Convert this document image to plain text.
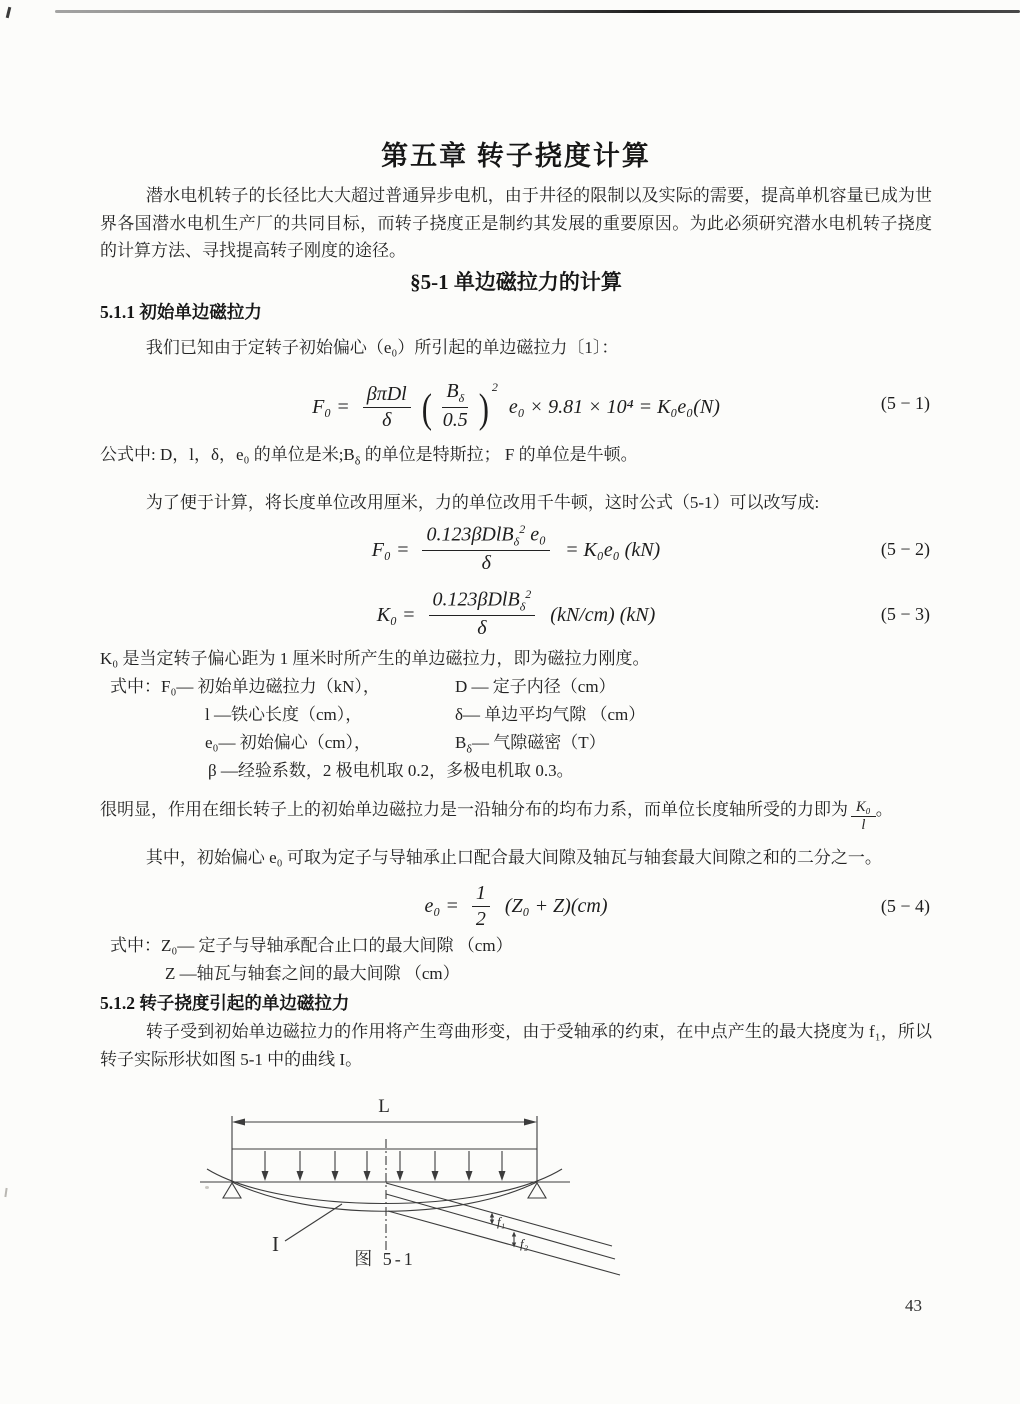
第五章 转子挠度计算

潜水电机转子的长径比大大超过普通异步电机，由于井径的限制以及实际的需要，提高单机容量已成为世界各国潜水电机生产厂的共同目标，而转子挠度正是制约其发展的重要原因。为此必须研究潜水电机转子挠度的计算方法、寻找提高转子刚度的途径。

§5-1 单边磁拉力的计算
5.1.1 初始单边磁拉力

我们已知由于定转子初始偏心（e₀）所引起的单边磁拉力〔1〕：

$F_0 = \frac{\text{βπDl}}{\delta}$ ( $\frac{B_\delta}{0.5}$ ) $^2$ e₀ × 9.81 × 10⁴ = K₀e₀(N)	(5 − 1)

公式中: D，l，δ，e₀ 的单位是米$;B_\delta$ 的单位是特斯拉； F 的单位是牛顿。

为了便于计算，将长度单位改用厘米，力的单位改用千牛顿，这时公式（5-1）可以改写成:

$F_0 = \frac{0.123\beta DlB_\delta^2 e_0}{\delta} = K_0e_0$ (kN)	(5 − 2)
$K_0 = \frac{0.123\beta DlB_\delta^2}{\delta} (kN/cm)$ (kN)	(5 − 3)

K₀ 是当定转子偏心距为 1 厘米时所产生的单边磁拉力，即为磁拉力刚度。

式中：F₀— 初始单边磁拉力（kN），	D — 定子内径（cm）
l —铁心长度（cm），	δ— 单边平均气隙 （cm）
e₀— 初始偏心（cm），	$B_\delta—$ 气隙磁密（T）
β —经验系数，2 极电机取 0.2，多极电机取 0.3。

很明显，作用在细长转子上的初始单边磁拉力是一沿轴分布的均布力系，而单位长度轴所受的力即为 $\frac{\text{K₀}}{l}$ 。

其中，初始偏心 e₀ 可取为定子与导轴承止口配合最大间隙及轴瓦与轴套最大间隙之和的二分之一。

$e_0 = \frac{1}{2} (Z_0 + Z)(cm)$	(5 − 4)
式中：Z₀— 定子与导轴承配合止口的最大间隙 （cm）
Z —轴瓦与轴套之间的最大间隙 （cm）
5.1.2 转子挠度引起的单边磁拉力

转子受到初始单边磁拉力的作用将产生弯曲形变，由于受轴承的约束，在中点产生的最大挠度为 f₁，所以转子实际形状如图 5-1 中的曲线 I。

L
f₁
f₂
I
图 5-1
43
